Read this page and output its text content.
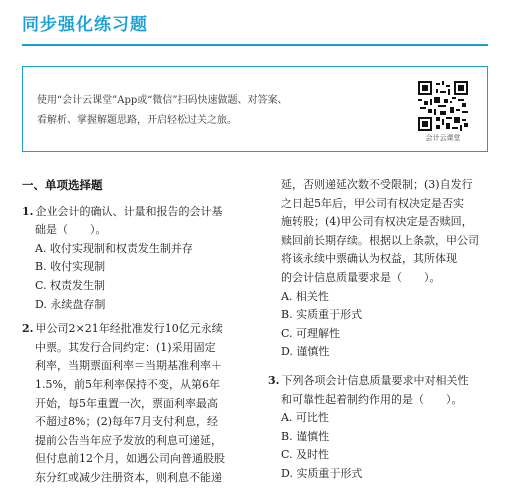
同步强化练习题
使用“会计云课堂”App或“微信”扫码快速做题、对答案、
看解析、掌握解题思路，开启轻松过关之旅。
会计云课堂
一、单项选择题
1. 企业会计的确认、计量和报告的会计基
础是（　　）。
A. 收付实现制和权责发生制并存
B. 收付实现制
C. 权责发生制
D. 永续盘存制
2. 甲公司2×21年经批准发行10亿元永续
中票。其发行合同约定：(1)采用固定
利率，当期票面利率＝当期基准利率＋
1.5%，前5年利率保持不变，从第6年
开始，每5年重置一次，票面利率最高
不超过8%；(2)每年7月支付利息，经
提前公告当年应予发放的利息可递延，
但付息前12个月，如遇公司向普通股股
东分红或减少注册资本，则利息不能递
延，否则递延次数不受限制；(3)自发行
之日起5年后，甲公司有权决定是否实
施转股；(4)甲公司有权决定是否赎回，
赎回前长期存续。根据以上条款，甲公司
将该永续中票确认为权益，其所体现
的会计信息质量要求是（　　）。
A. 相关性
B. 实质重于形式
C. 可理解性
D. 谨慎性
3. 下列各项会计信息质量要求中对相关性
和可靠性起着制约作用的是（　　）。
A. 可比性
B. 谨慎性
C. 及时性
D. 实质重于形式
